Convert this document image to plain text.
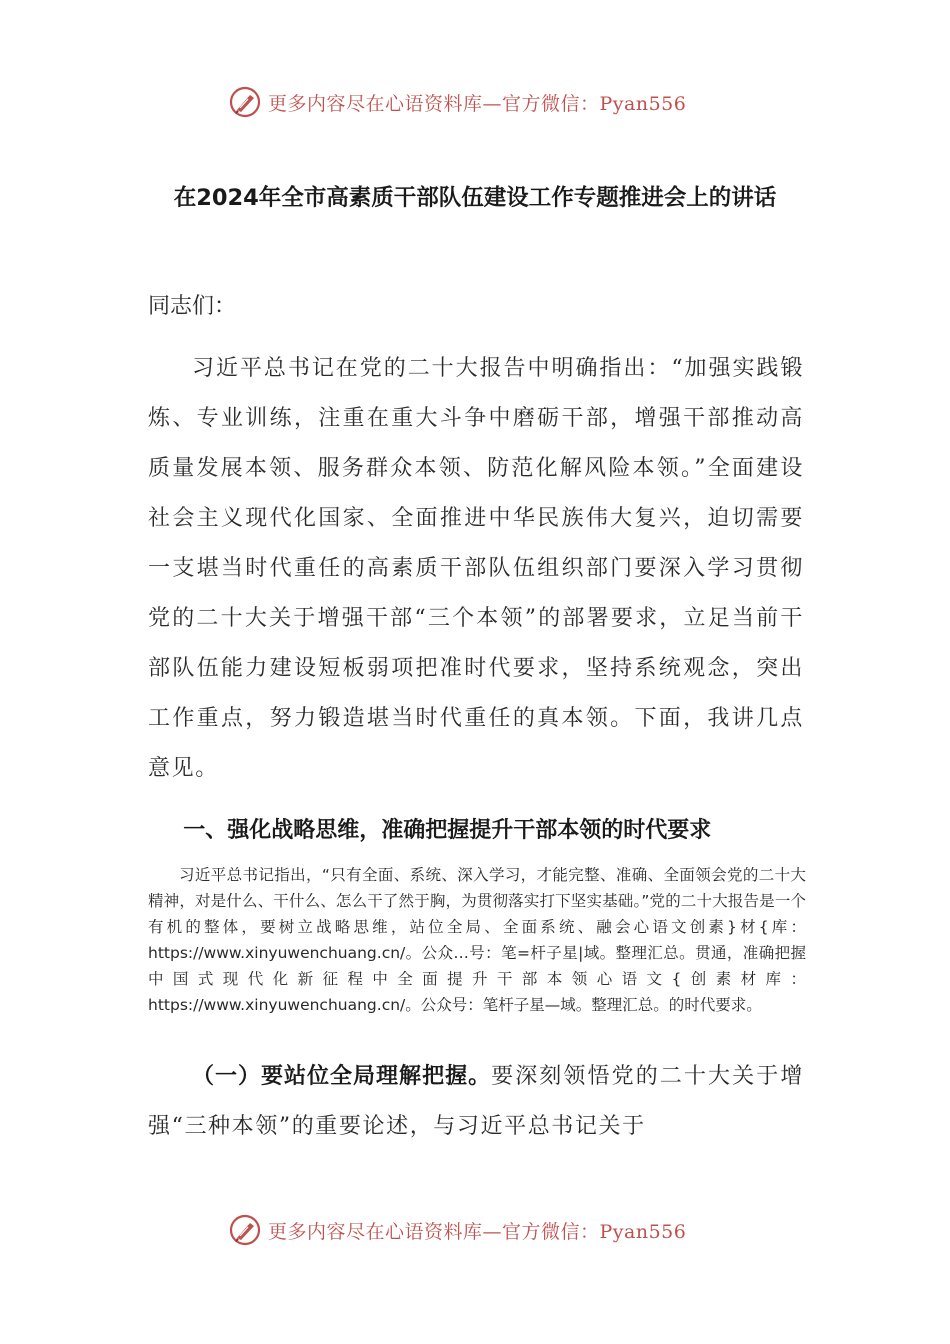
更多内容尽在心语资料库—官方微信：Pyan556
在2024年全市高素质干部队伍建设工作专题推进会上的讲话
同志们：
习近平总书记在党的二十大报告中明确指出：“加强实践锻炼、专业训练，注重在重大斗争中磨砺干部，增强干部推动高质量发展本领、服务群众本领、防范化解风险本领。”全面建设社会主义现代化国家、全面推进中华民族伟大复兴，迫切需要一支堪当时代重任的高素质干部队伍组织部门要深入学习贯彻党的二十大关于增强干部“三个本领”的部署要求，立足当前干部队伍能力建设短板弱项把准时代要求，坚持系统观念，突出工作重点，努力锻造堪当时代重任的真本领。下面，我讲几点意见。
一、强化战略思维，准确把握提升干部本领的时代要求
习近平总书记指出，“只有全面、系统、深入学习，才能完整、准确、全面领会党的二十大精神，对是什么、干什么、怎么干了然于胸，为贯彻落实打下坚实基础。”党的二十大报告是一个有机的整体，要树立战略思维，站位全局、全面系统、融会心语文创素}材{库：https://www.xinyuwenchuang.cn/。公众…号：笔=杆子星|域。整理汇总。贯通，准确把握中国式现代化新征程中全面提升干部本领心语文{创素材库：https://www.xinyuwenchuang.cn/。公众号：笔杆子星—域。整理汇总。的时代要求。
（一）要站位全局理解把握。要深刻领悟党的二十大关于增强“三种本领”的重要论述，与习近平总书记关于
更多内容尽在心语资料库—官方微信：Pyan556
